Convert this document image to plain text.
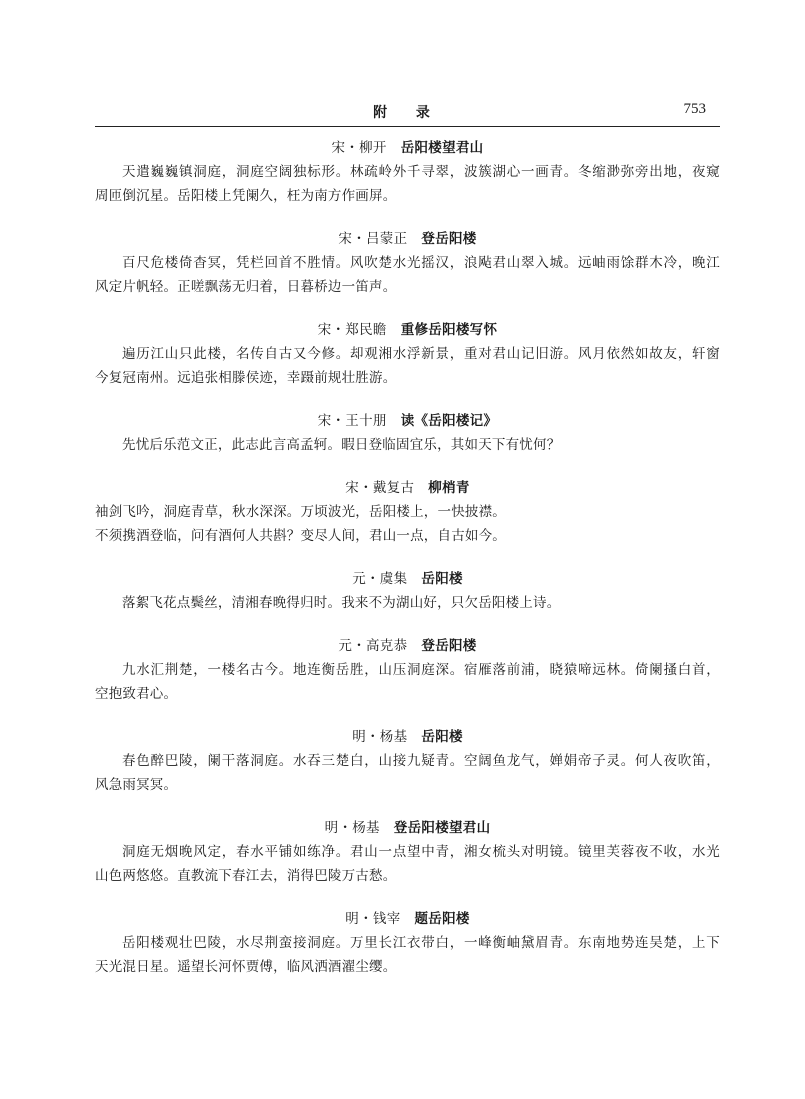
附 录	753
宋・柳开 岳阳楼望君山
天遣巍巍镇洞庭，洞庭空阔独标形。林疏岭外千寻翠，波簇湖心一画青。冬缩渺弥旁出地，夜窥
周匝倒沉星。岳阳楼上凭阑久，枉为南方作画屏。
宋・吕蒙正 登岳阳楼
百尺危楼倚杳冥，凭栏回首不胜情。风吹楚水光摇汉，浪飐君山翠入城。远岫雨馀群木冷，晚江
风定片帆轻。正嗟飘荡无归着，日暮桥边一笛声。
宋・郑民瞻 重修岳阳楼写怀
遍历江山只此楼，名传自古又今修。却观湘水浮新景，重对君山记旧游。风月依然如故友，轩窗
今复冠南州。远追张相滕侯迹，幸蹑前规壮胜游。
宋・王十朋 读《岳阳楼记》
先忧后乐范文正，此志此言高孟轲。暇日登临固宜乐，其如天下有忧何？
宋・戴复古 柳梢青
袖剑飞吟，洞庭青草，秋水深深。万顷波光，岳阳楼上，一快披襟。
不须携酒登临，问有酒何人共斟？变尽人间，君山一点，自古如今。
元・虞集 岳阳楼
落絮飞花点鬓丝，清湘春晚得归时。我来不为湖山好，只欠岳阳楼上诗。
元・高克恭 登岳阳楼
九水汇荆楚，一楼名古今。地连衡岳胜，山压洞庭深。宿雁落前浦，晓猿啼远林。倚阑搔白首，
空抱致君心。
明・杨基 岳阳楼
春色醉巴陵，阑干落洞庭。水吞三楚白，山接九疑青。空阔鱼龙气，婵娟帝子灵。何人夜吹笛，
风急雨冥冥。
明・杨基 登岳阳楼望君山
洞庭无烟晚风定，春水平铺如练净。君山一点望中青，湘女梳头对明镜。镜里芙蓉夜不收，水光
山色两悠悠。直教流下春江去，消得巴陵万古愁。
明・钱宰 题岳阳楼
岳阳楼观壮巴陵，水尽荆蛮接洞庭。万里长江衣带白，一峰衡岫黛眉青。东南地势连吴楚，上下
天光混日星。遥望长河怀贾傅，临风洒酒濯尘缨。
